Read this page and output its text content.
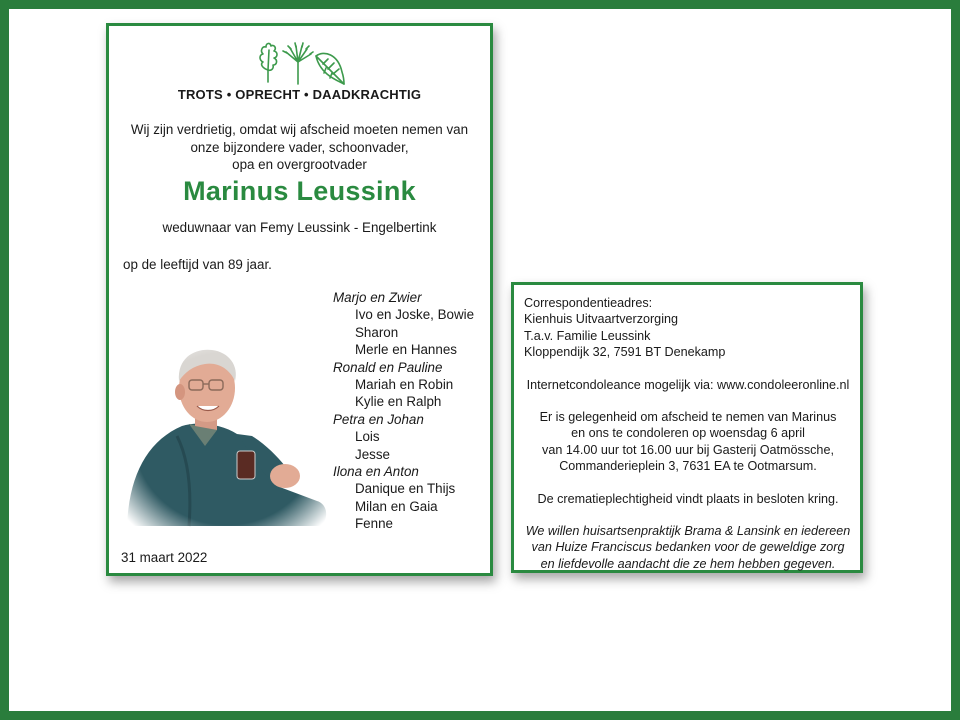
TROTS • OPRECHT • DAADKRACHTIG
Wij zijn verdrietig, omdat wij afscheid moeten nemen van
onze bijzondere vader, schoonvader,
opa en overgrootvader
Marinus Leussink
weduwnaar van Femy Leussink - Engelbertink
op de leeftijd van 89 jaar.
Marjo en Zwier
Ivo en Joske, Bowie
Sharon
Merle en Hannes
Ronald en Pauline
Mariah en Robin
Kylie en Ralph
Petra en Johan
Lois
Jesse
Ilona en Anton
Danique en Thijs
Milan en Gaia
Fenne
31 maart 2022
Correspondentieadres:
Kienhuis Uitvaartverzorging
T.a.v. Familie Leussink
Kloppendijk 32, 7591 BT Denekamp
Internetcondoleance mogelijk via: www.condoleeronline.nl
Er is gelegenheid om afscheid te nemen van Marinus
en ons te condoleren op woensdag 6 april
van 14.00 uur tot 16.00 uur bij Gasterij Oatmössche,
Commanderieplein 3, 7631 EA te Ootmarsum.
De crematieplechtigheid vindt plaats in besloten kring.
We willen huisartsenpraktijk Brama & Lansink en iedereen
van Huize Franciscus bedanken voor de geweldige zorg
en liefdevolle aandacht die ze hem hebben gegeven.
